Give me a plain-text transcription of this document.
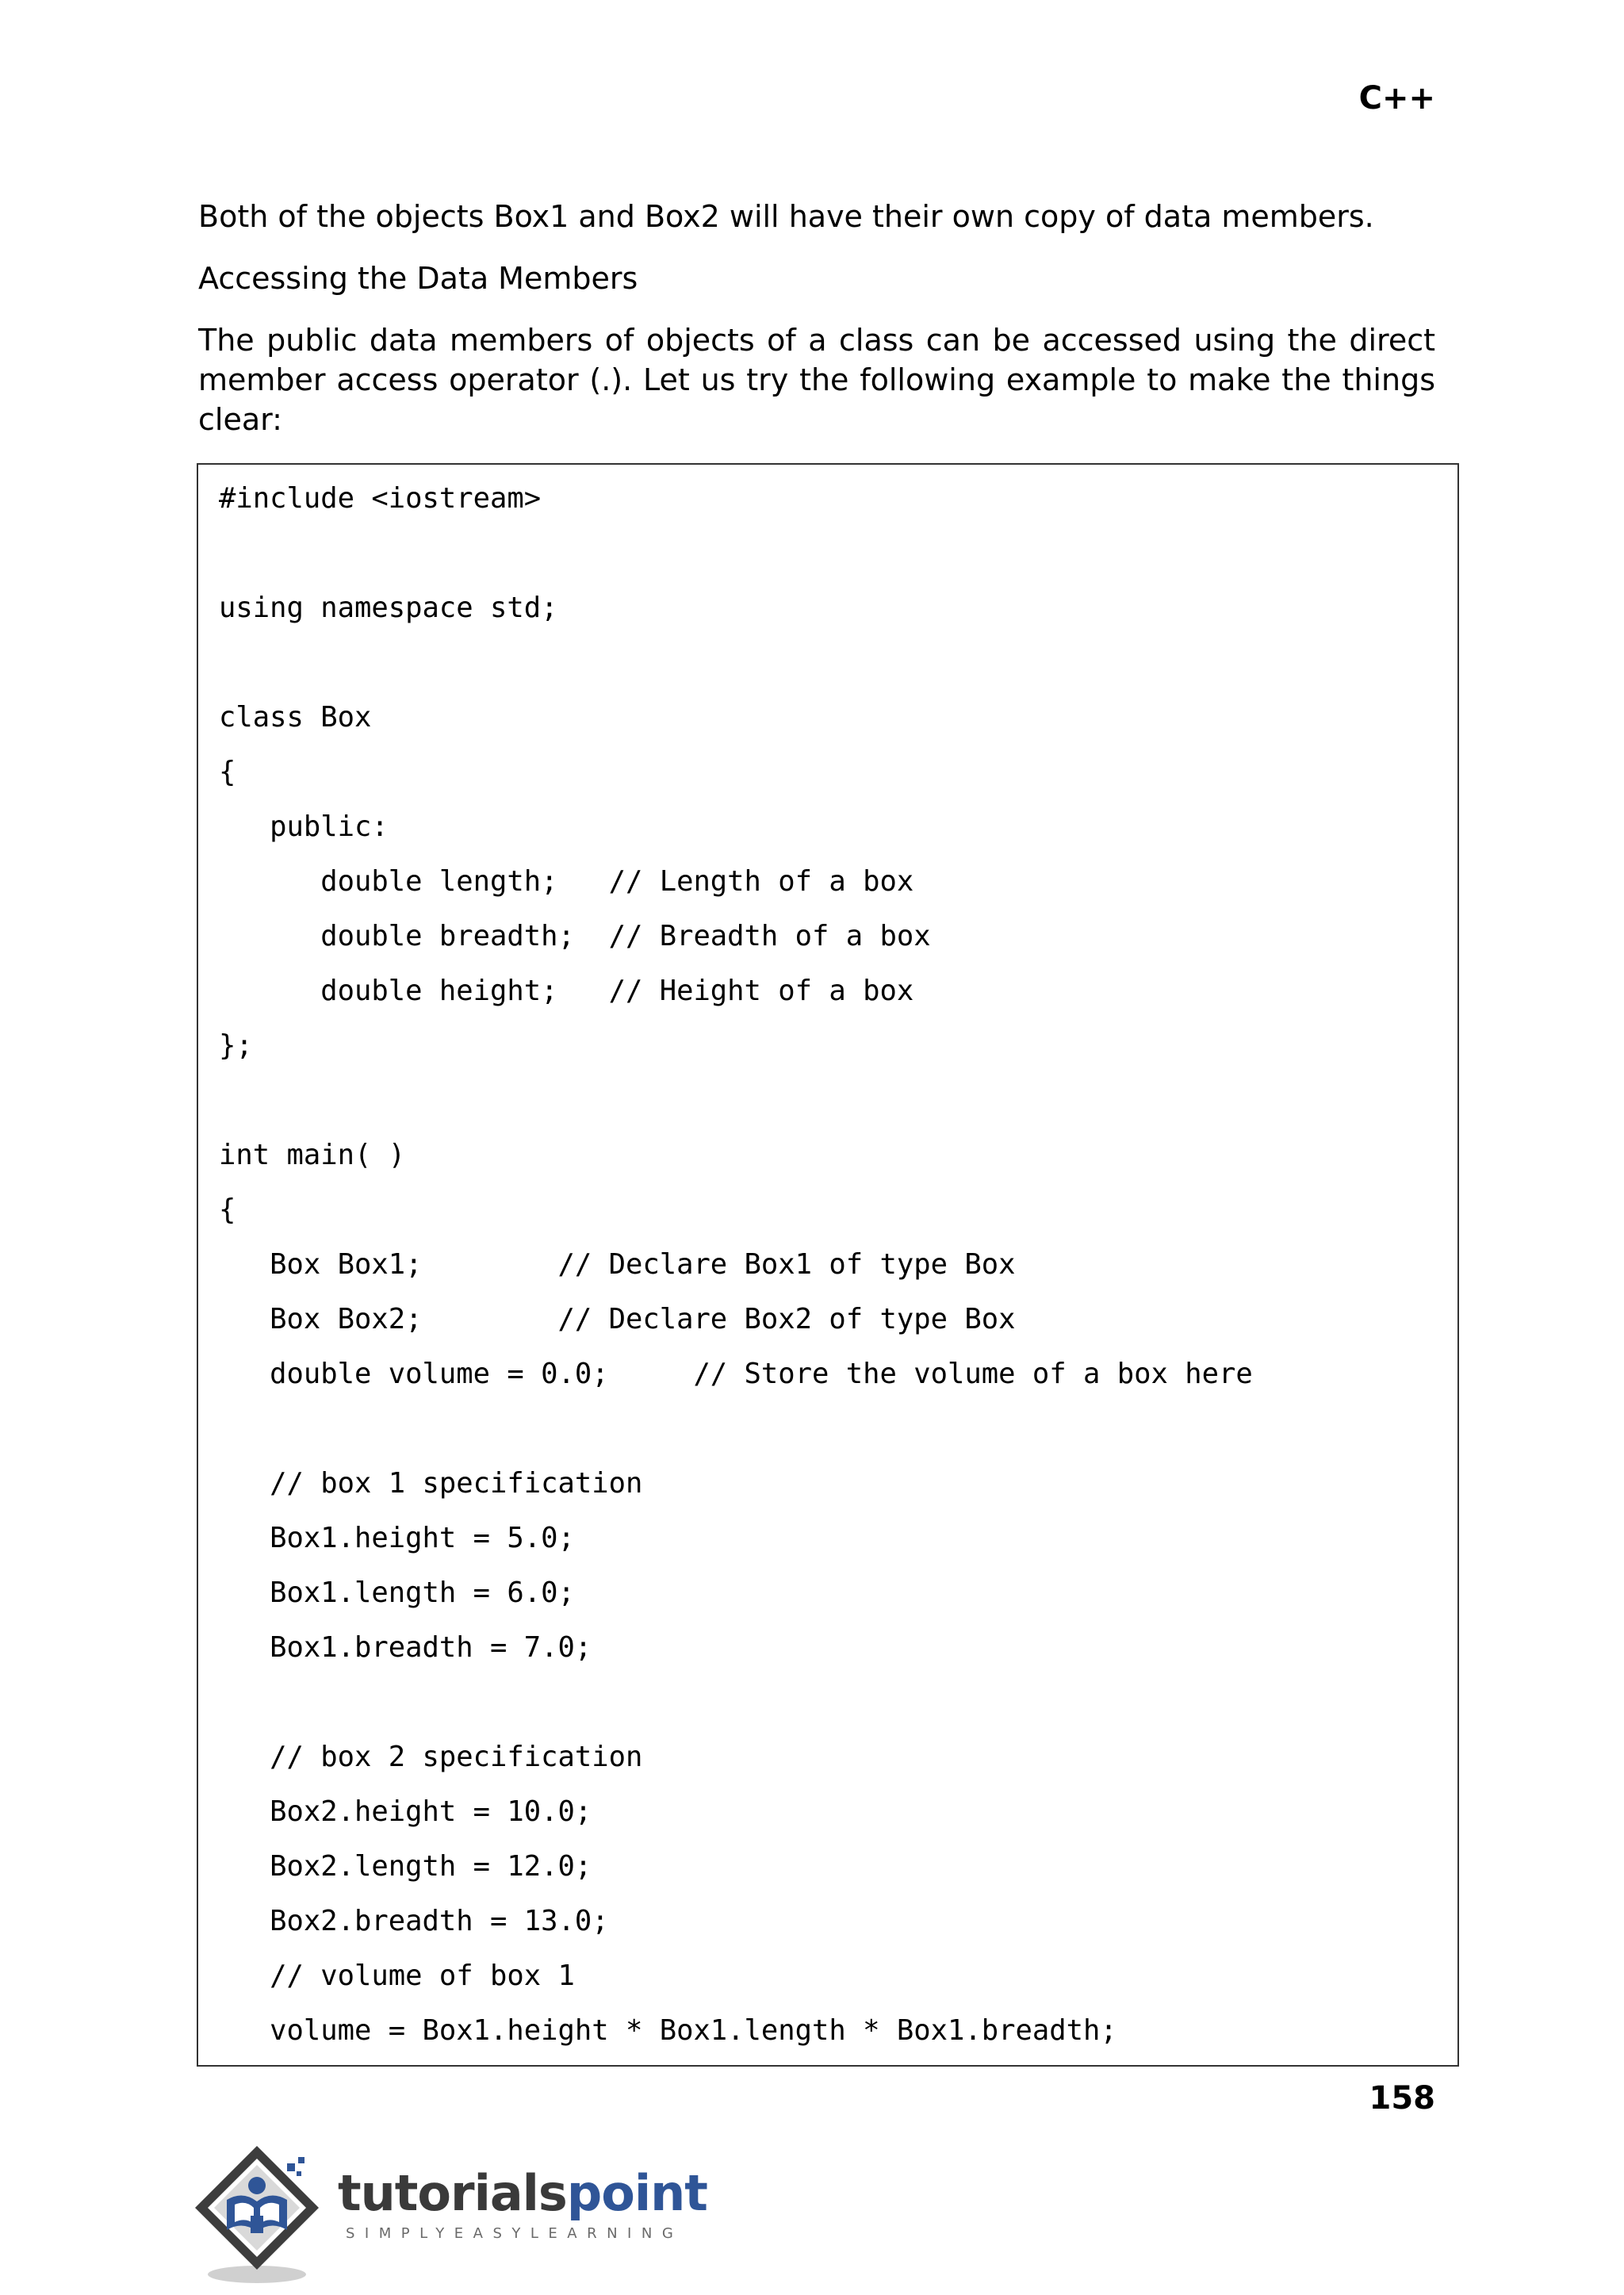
C++

Both of the objects Box1 and Box2 will have their own copy of data members.

Accessing the Data Members

The public data members of objects of a class can be accessed using the direct member access operator (.). Let us try the following example to make the things clear:

#include <iostream>
using namespace std;
class Box
{
public:
double length;   // Length of a box
double breadth;  // Breadth of a box
double height;   // Height of a box
};
int main( )
{
Box Box1;        // Declare Box1 of type Box
Box Box2;        // Declare Box2 of type Box
double volume = 0.0;     // Store the volume of a box here
// box 1 specification
Box1.height = 5.0;
Box1.length = 6.0;
Box1.breadth = 7.0;
// box 2 specification
Box2.height = 10.0;
Box2.length = 12.0;
Box2.breadth = 13.0;
// volume of box 1
volume = Box1.height * Box1.length * Box1.breadth;
158
tutorialspoint
SIMPLYEASYLEARNING
